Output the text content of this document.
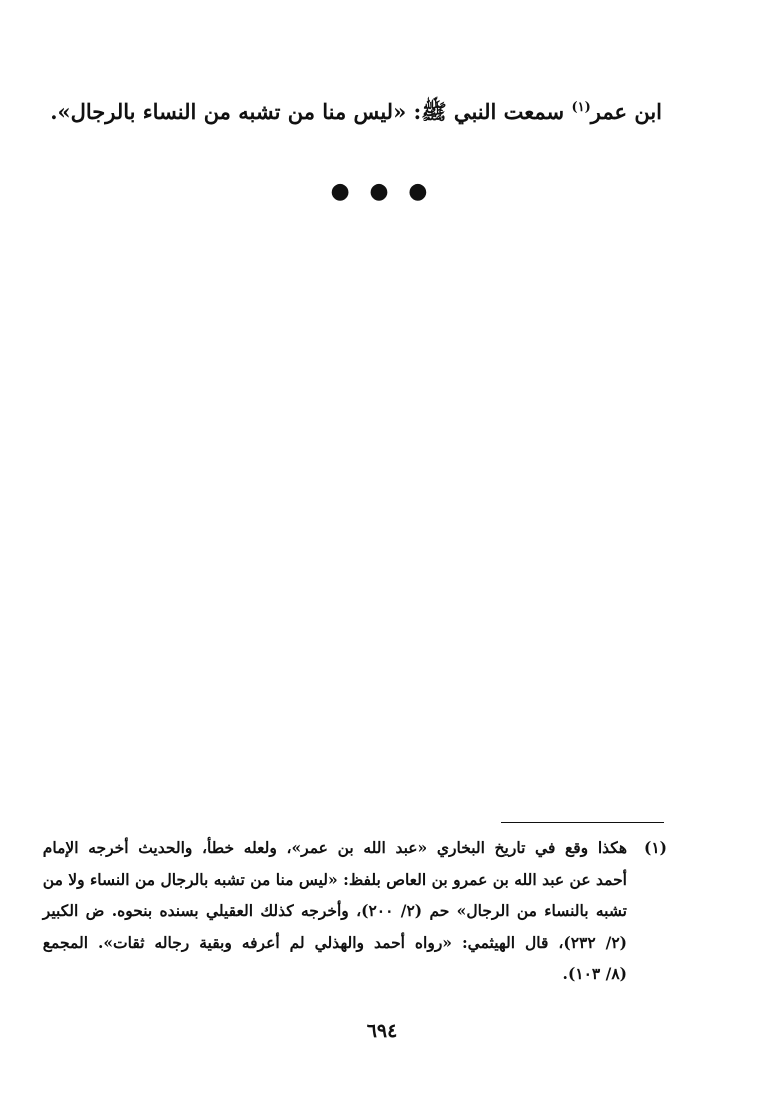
ابن عمر$^{(١)}$ سمعت النبي ﷺ: «ليس منا من تشبه من النساء بالرجال».
● ● ●
(١)
هكذا وقع في تاريخ البخاري «عبد الله بن عمر»، ولعله خطأ، والحديث أخرجه الإمام
أحمد عن عبد الله بن عمرو بن العاص بلفظ: «ليس منا من تشبه بالرجال من النساء ولا من
تشبه بالنساء من الرجال» حم (٢/ ٢٠٠)، وأخرجه كذلك العقيلي بسنده بنحوه. ض الكبير
(٢/ ٢٣٢)، قال الهيثمي: «رواه أحمد والهذلي لم أعرفه وبقية رجاله ثقات». المجمع
(٨/ ١٠٣).
٦٩٤
